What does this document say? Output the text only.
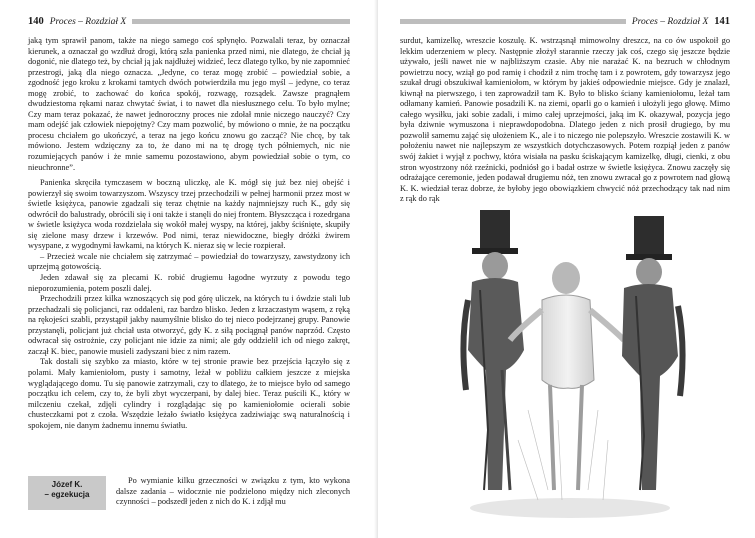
140 Proces – Rozdział X

jaką tym sprawił panom, także na niego samego coś spłynęło. Pozwalali teraz, by oznaczał kierunek, a oznaczał go wzdłuż drogi, którą szła panienka przed nimi, nie dlatego, że chciał ją dogonić, nie dlatego też, by chciał ją jak najdłużej widzieć, lecz dlatego tylko, by nie zapomnieć przestrogi, jaką dla niego oznacza. „Jedyne, co teraz mogę zrobić – powiedział sobie, a zgodność jego kroku z krokami tamtych dwóch potwierdziła mu jego myśl – jedyne, co teraz mogę zrobić, to zachować do końca spokój, rozwagę, rozsądek. Zawsze pragnąłem dwudziestoma rękami naraz chwytać świat, i to nawet dla niesłusznego celu. To było mylne; Czy mam teraz pokazać, że nawet jednoroczny proces nie zdołał mnie niczego nauczyć? Czy mam odejść jak człowiek niepojętny? Czy mam pozwolić, by mówiono o mnie, że na początku procesu chciałem go ukończyć, a teraz na jego końcu znowu go zacząć? Nie chcę, by tak mówiono. Jestem wdzięczny za to, że dano mi na tę drogę tych półniemych, nic nie rozumiejących panów i że mnie samemu pozostawiono, abym powiedział sobie o tym, co nieuchronne”.

Panienka skręciła tymczasem w boczną uliczkę, ale K. mógł się już bez niej obejść i powierzył się swoim towarzyszom. Wszyscy trzej przechodzili w pełnej harmonii przez most w świetle księżyca, panowie zgadzali się teraz chętnie na każdy najmniejszy ruch K., gdy się odwrócił do balustrady, obrócili się i oni także i stanęli do niej frontem. Błyszcząca i rozedrgana w świetle księżyca woda rozdzielała się wokół małej wyspy, na której, jakby ściśnięte, skupiły się zielone masy drzew i krzewów. Pod nimi, teraz niewidoczne, biegły dróżki żwirem wysypane, z wygodnymi ławkami, na których K. nieraz się w lecie rozpierał.

– Przecież wcale nie chciałem się zatrzymać – powiedział do towarzyszy, zawstydzony ich uprzejmą gotowością.

Jeden zdawał się za plecami K. robić drugiemu łagodne wyrzuty z powodu tego nieporozumienia, potem poszli dalej.

Przechodzili przez kilka wznoszących się pod górę uliczek, na których tu i ówdzie stali lub przechadzali się policjanci, raz oddaleni, raz bardzo blisko. Jeden z krzaczastym wąsem, z ręką na rękojeści szabli, przystąpił jakby naumyślnie blisko do tej nieco podejrzanej grupy. Panowie przystanęli, policjant już chciał usta otworzyć, gdy K. z siłą pociągnął panów naprzód. Często odwracał się ostrożnie, czy policjant nie idzie za nimi; ale gdy oddzielił ich od niego zakręt, zaczął K. biec, panowie musieli zadyszani biec z nim razem.

Tak dostali się szybko za miasto, które w tej stronie prawie bez przejścia łączyło się z polami. Mały kamieniołom, pusty i samotny, leżał w pobliżu całkiem jeszcze z miejska wyglądającego domu. Tu się panowie zatrzymali, czy to dlatego, że to miejsce było od samego początku ich celem, czy to, że byli zbyt wyczerpani, by dalej biec. Teraz puścili K., który w milczeniu czekał, zdjęli cylindry i rozglądając się po kamieniołomie ocierali sobie chusteczkami pot z czoła. Wszędzie leżało światło księżyca zadziwiając swą naturalnością i spokojem, nie danym żadnemu innemu światłu.

Józef K.
– egzekucja

Po wymianie kilku grzeczności w związku z tym, kto wykona dalsze zadania – widocznie nie podzielono między nich zleconych czynności – podszedł jeden z nich do K. i zdjął mu

Proces – Rozdział X 141

surdut, kamizelkę, wreszcie koszulę. K. wstrząsnął mimowolny dreszcz, na co ów uspokoił go lekkim uderzeniem w plecy. Następnie złożył starannie rzeczy jak coś, czego się jeszcze będzie używało, jeśli nawet nie w najbliższym czasie. Aby nie narażać K. na bezruch w chłodnym powietrzu nocy, wziął go pod ramię i chodził z nim trochę tam i z powrotem, gdy towarzysz jego szukał drugi obszukiwał kamieniołom, w którym by jakieś odpowiednie miejsce. Gdy je znalazł, kiwnął na pierwszego, i ten zaprowadził tam K. Było to blisko ściany kamieniołomu, leżał tam odłamany kamień. Panowie posadzili K. na ziemi, oparli go o kamień i ułożyli jego głowę. Mimo całego wysiłku, jaki sobie zadali, i mimo całej uprzejmości, jaką im K. okazywał, pozycja jego była dziwnie wymuszona i nieprawdopodobna. Dlatego jeden z nich prosił drugiego, by mu pozwolił samemu zająć się ułożeniem K., ale i to niczego nie polepszyło. Wreszcie zostawili K. w położeniu nawet nie najlepszym ze wszystkich dotychczasowych. Potem rozpiął jeden z panów swój żakiet i wyjął z pochwy, która wisiała na pasku ściskającym kamizelkę, długi, cienki, z obu stron wyostrzony nóż rzeźnicki, podniósł go i badał ostrze w świetle księżyca. Znowu zaczęły się odrażające ceremonie, jeden podawał drugiemu nóż, ten znowu zwracał go z powrotem nad głową K. K. wiedział teraz dobrze, że byłoby jego obowiązkiem chwycić nóż przechodzący tak nad nim z rąk do rąk
